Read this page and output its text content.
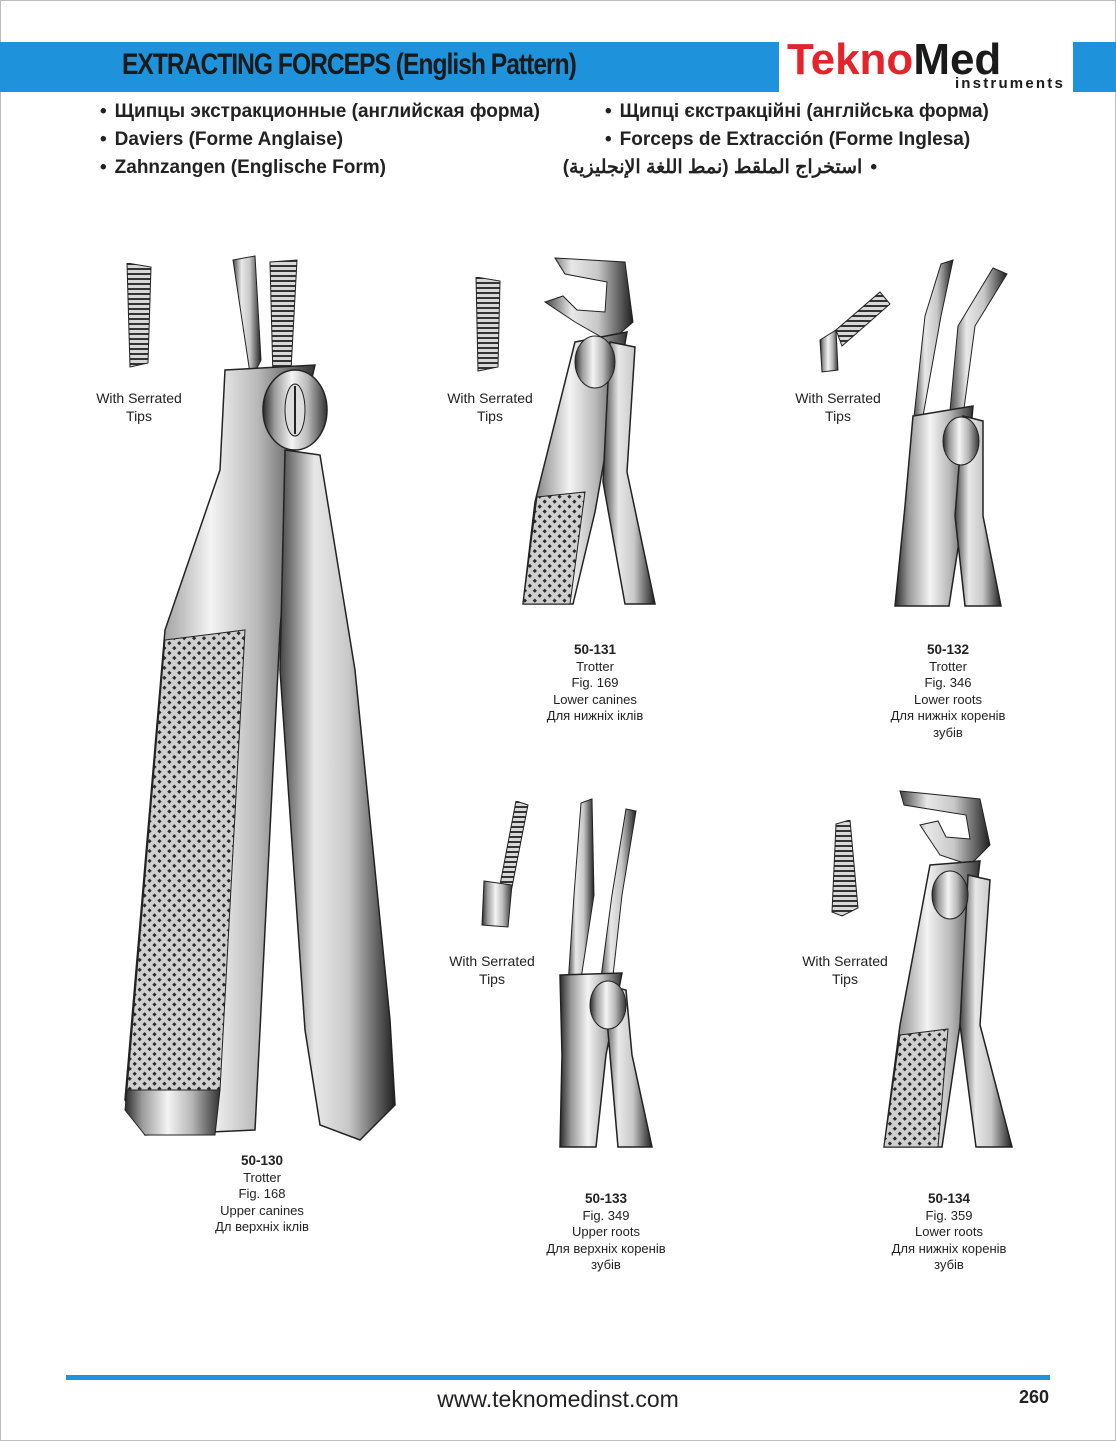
EXTRACTING FORCEPS (English Pattern)	TeknoMed
instruments
• Щипцы экстракционные (английская форма)
• Daviers (Forme Anglaise)
• Zahnzangen (Englische Form)
• Щипці єкстракційні (англійська форма)
• Forceps de Extracción (Forme Inglesa)
• استخراج الملقط (نمط اللغة الإنجليزية)
With Serrated
Tips
With Serrated
Tips
With Serrated
Tips
With Serrated
Tips
With Serrated
Tips
50-130
Trotter
Fig. 168
Upper canines
Дл верхніх іклів
50-131
Trotter
Fig. 169
Lower canines
Для нижніх іклів
50-132
Trotter
Fig. 346
Lower roots
Для нижніх коренів
зубів
50-133
Fig. 349
Upper roots
Для верхніх коренів
зубів
50-134
Fig. 359
Lower roots
Для нижніх коренів
зубів
www.teknomedinst.com	260
